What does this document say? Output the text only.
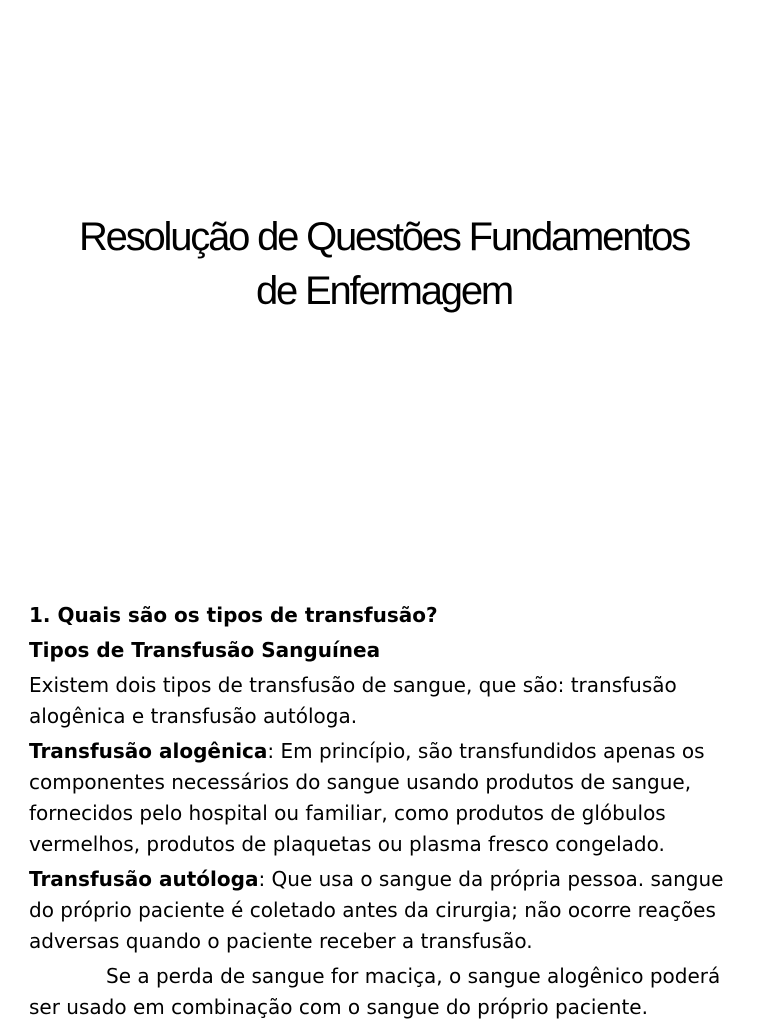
Resolução de Questões Fundamentos
de Enfermagem

1. Quais são os tipos de transfusão?

Tipos de Transfusão Sanguínea

Existem dois tipos de transfusão de sangue, que são: transfusão alogênica e transfusão autóloga.

Transfusão alogênica: Em princípio, são transfundidos apenas os componentes necessários do sangue usando produtos de sangue, fornecidos pelo hospital ou familiar, como produtos de glóbulos vermelhos, produtos de plaquetas ou plasma fresco congelado.

Transfusão autóloga: Que usa o sangue da própria pessoa. sangue do próprio paciente é coletado antes da cirurgia; não ocorre reações adversas quando o paciente receber a transfusão.

Se a perda de sangue for maciça, o sangue alogênico poderá ser usado em combinação com o sangue do próprio paciente.
